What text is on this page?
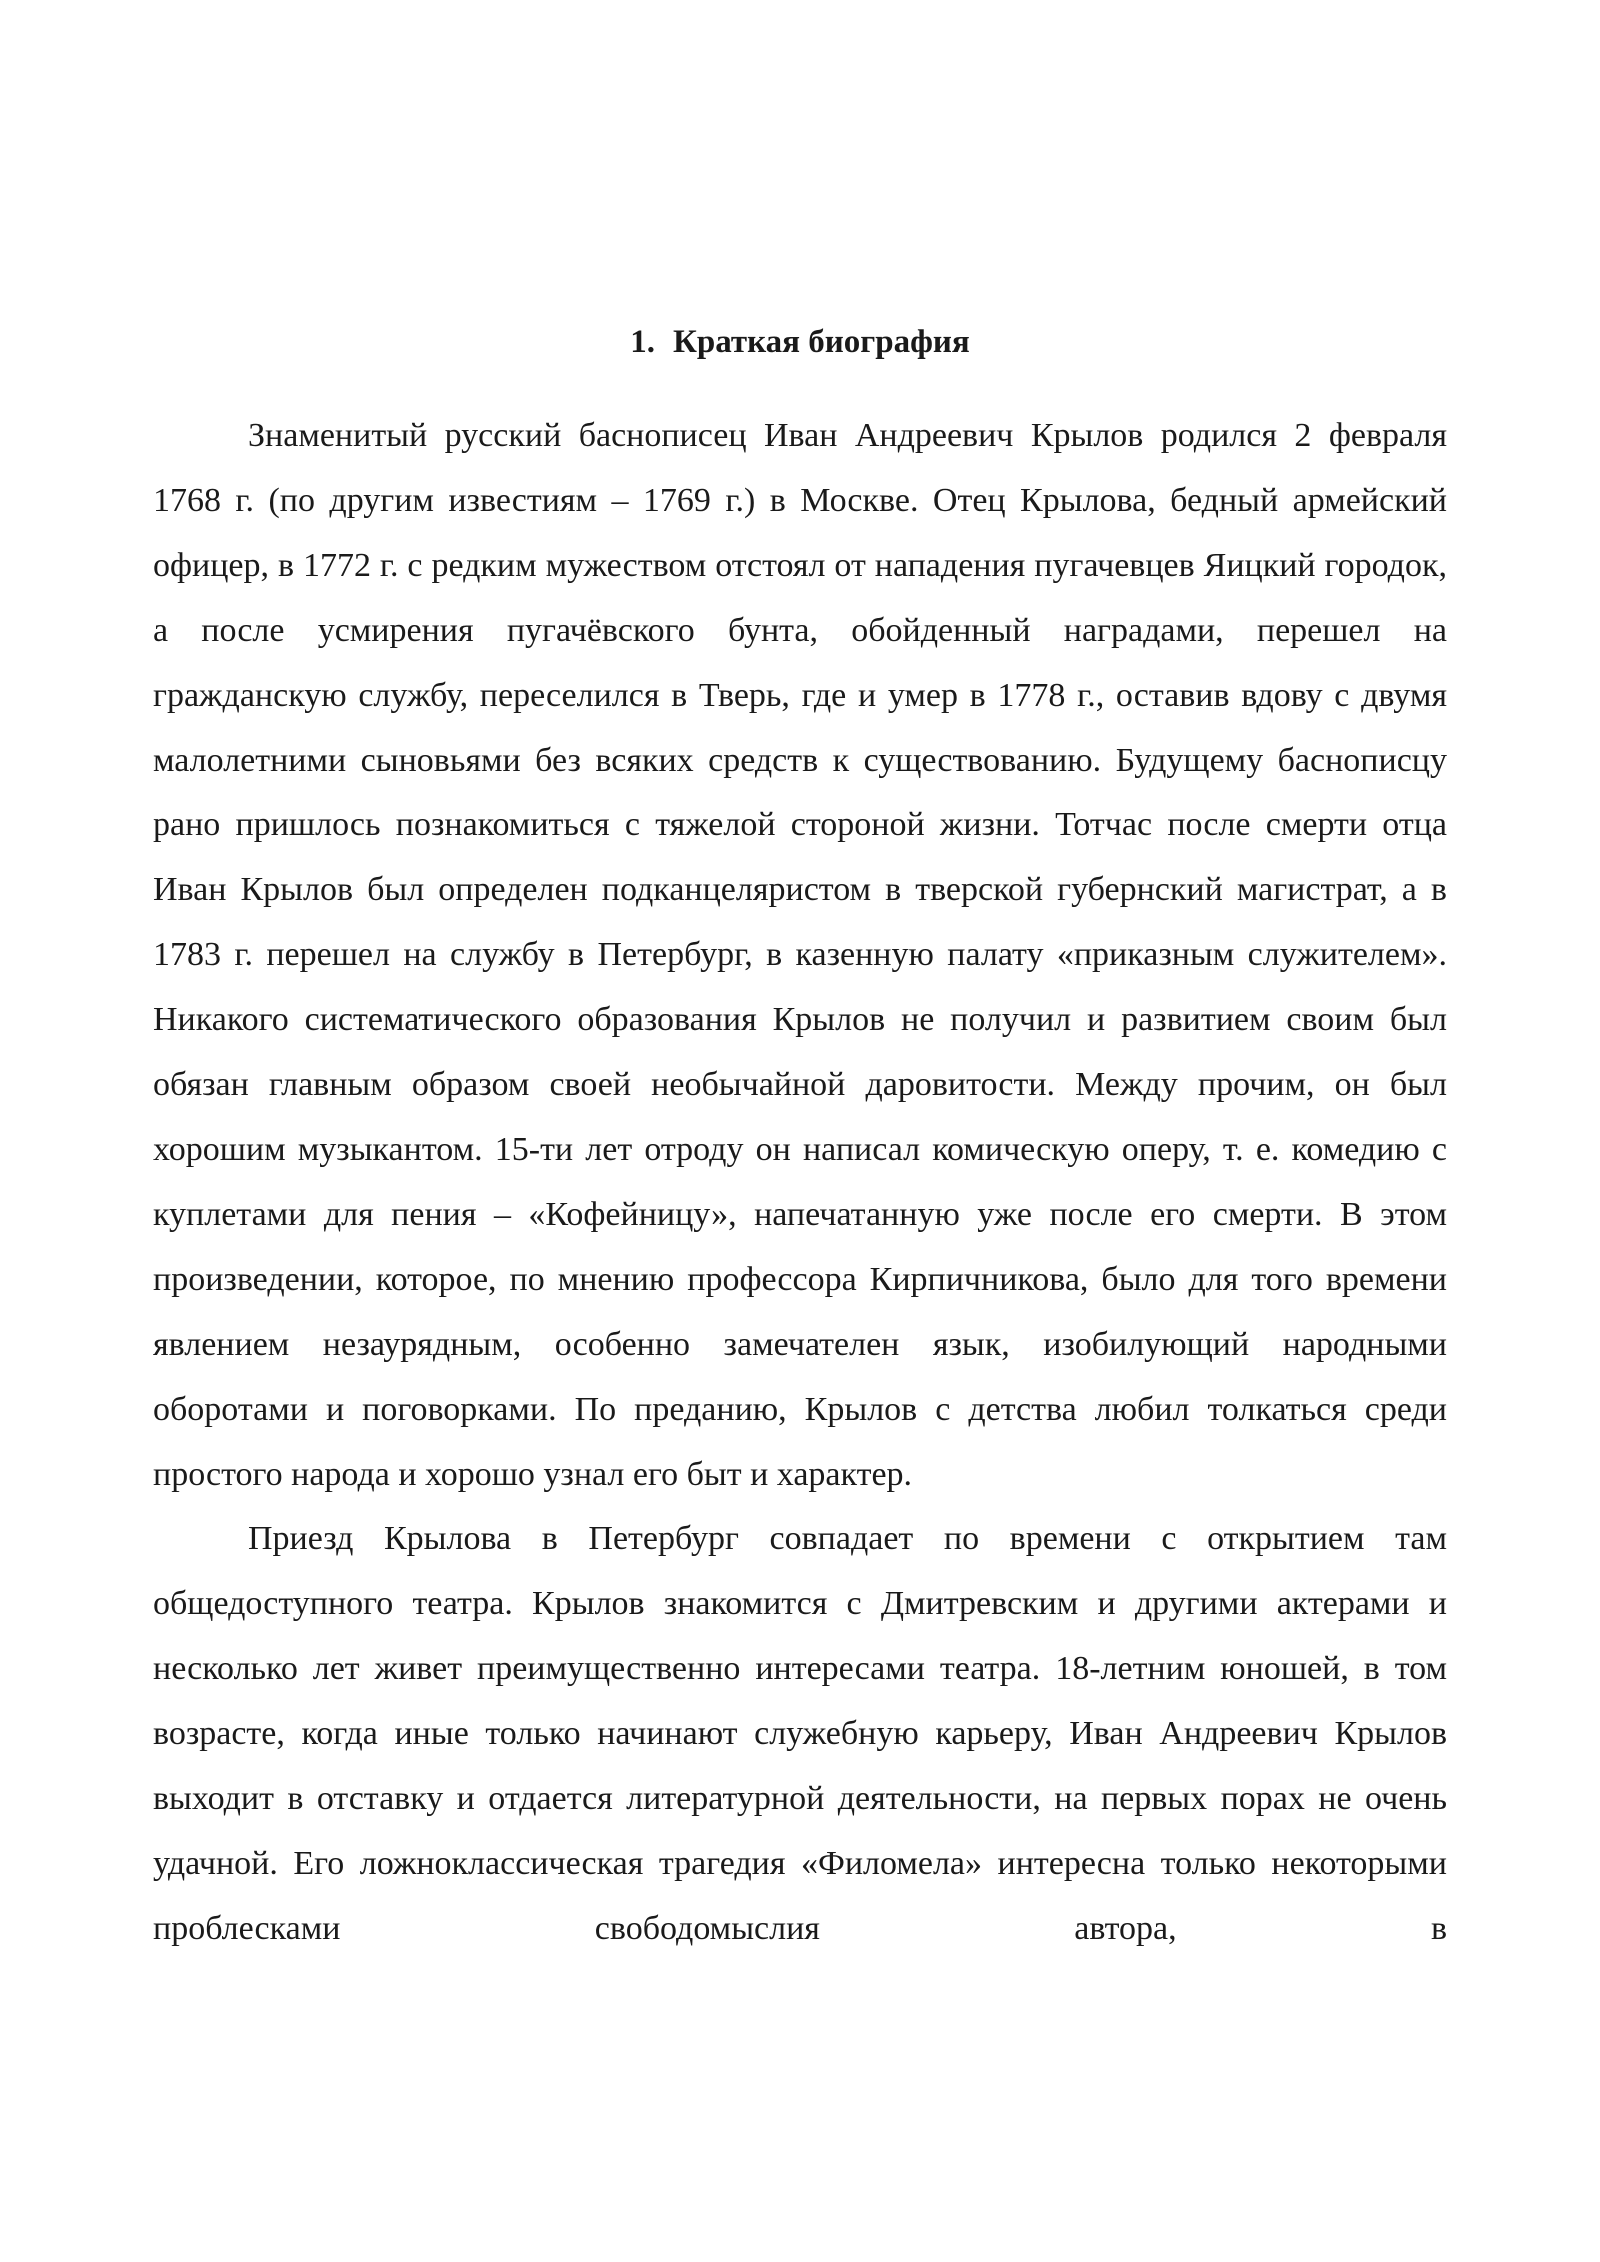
1. Краткая биография

Знаменитый русский баснописец Иван Андреевич Крылов родился 2 февраля 1768 г. (по другим известиям – 1769 г.) в Москве. Отец Крылова, бедный армейский офицер, в 1772 г. с редким мужеством отстоял от нападения пугачевцев Яицкий городок, а после усмирения пугачёвского бунта, обойденный наградами, перешел на гражданскую службу, переселился в Тверь, где и умер в 1778 г., оставив вдову с двумя малолетними сыновьями без всяких средств к существованию. Будущему баснописцу рано пришлось познакомиться с тяжелой стороной жизни. Тотчас после смерти отца Иван Крылов был определен подканцеляристом в тверской губернский магистрат, а в 1783 г. перешел на службу в Петербург, в казенную палату «приказным служителем». Никакого систематического образования Крылов не получил и развитием своим был обязан главным образом своей необычайной даровитости. Между прочим, он был хорошим музыкантом. 15-ти лет отроду он написал комическую оперу, т. е. комедию с куплетами для пения – «Кофейницу», напечатанную уже после его смерти. В этом произведении, которое, по мнению профессора Кирпичникова, было для того времени явлением незаурядным, особенно замечателен язык, изобилующий народными оборотами и поговорками. По преданию, Крылов с детства любил толкаться среди простого народа и хорошо узнал его быт и характер.

Приезд Крылова в Петербург совпадает по времени с открытием там общедоступного театра. Крылов знакомится с Дмитревским и другими актерами и несколько лет живет преимущественно интересами театра. 18-летним юношей, в том возрасте, когда иные только начинают служебную карьеру, Иван Андреевич Крылов выходит в отставку и отдается литературной деятельности, на первых порах не очень удачной. Его ложноклассическая трагедия «Филомела» интересна только некоторыми проблесками свободомыслия автора, в
